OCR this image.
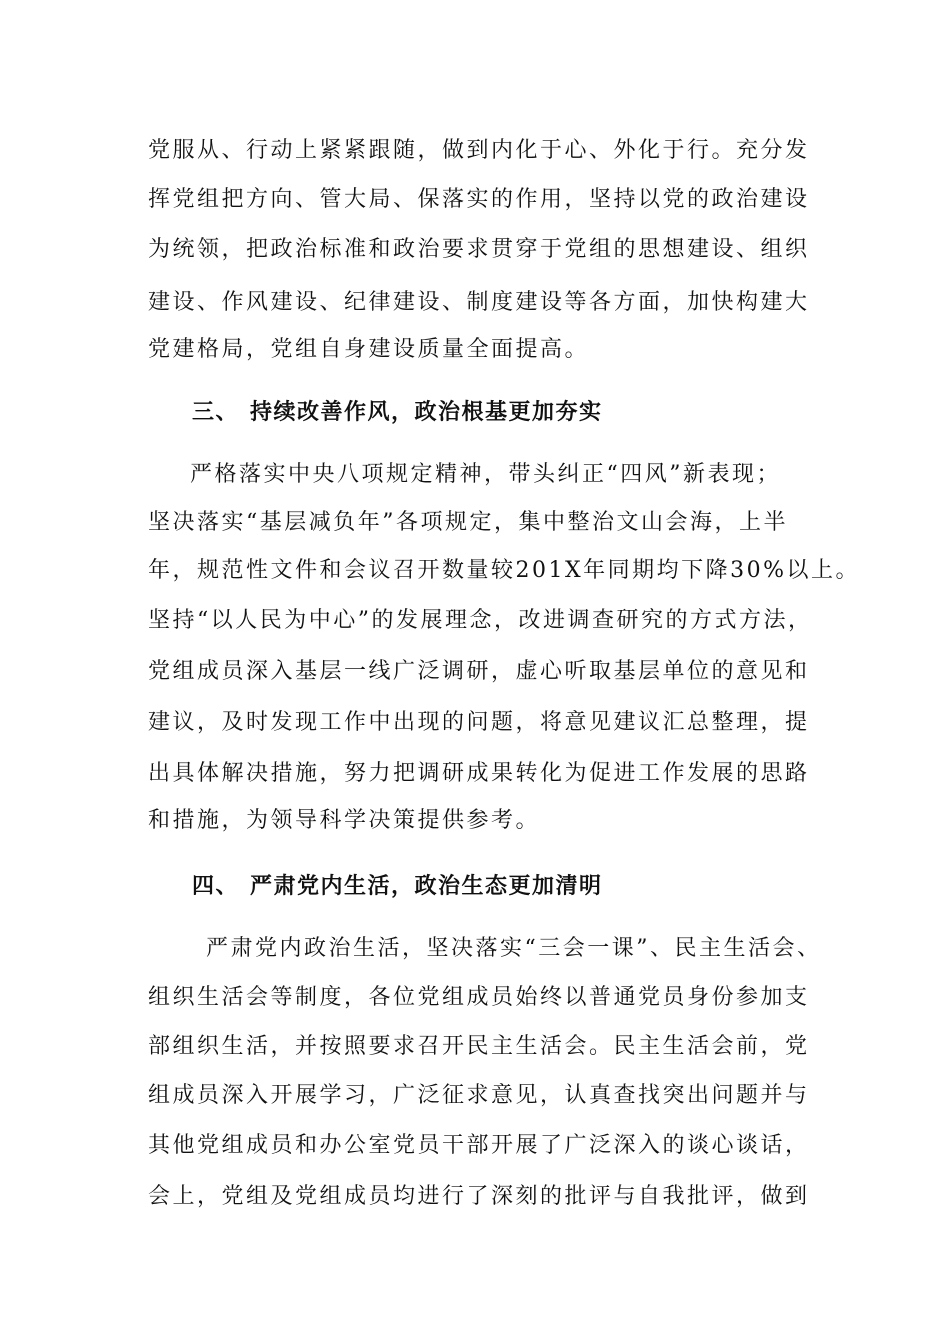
党服从、行动上紧紧跟随，做到内化于心、外化于行。充分发
挥党组把方向、管大局、保落实的作用，坚持以党的政治建设
为统领，把政治标准和政治要求贯穿于党组的思想建设、组织
建设、作风建设、纪律建设、制度建设等各方面，加快构建大
党建格局，党组自身建设质量全面提高。
三、 持续改善作风，政治根基更加夯实
严格落实中央八项规定精神，带头纠正“四风”新表现；
坚决落实“基层减负年”各项规定，集中整治文山会海，上半
年，规范性文件和会议召开数量较201X年同期均下降30%以上。
坚持“以人民为中心”的发展理念，改进调查研究的方式方法，
党组成员深入基层一线广泛调研，虚心听取基层单位的意见和
建议，及时发现工作中出现的问题，将意见建议汇总整理，提
出具体解决措施，努力把调研成果转化为促进工作发展的思路
和措施，为领导科学决策提供参考。
四、 严肃党内生活，政治生态更加清明
严肃党内政治生活，坚决落实“三会一课”、民主生活会、
组织生活会等制度，各位党组成员始终以普通党员身份参加支
部组织生活，并按照要求召开民主生活会。民主生活会前，党
组成员深入开展学习，广泛征求意见，认真查找突出问题并与
其他党组成员和办公室党员干部开展了广泛深入的谈心谈话，
会上，党组及党组成员均进行了深刻的批评与自我批评，做到
